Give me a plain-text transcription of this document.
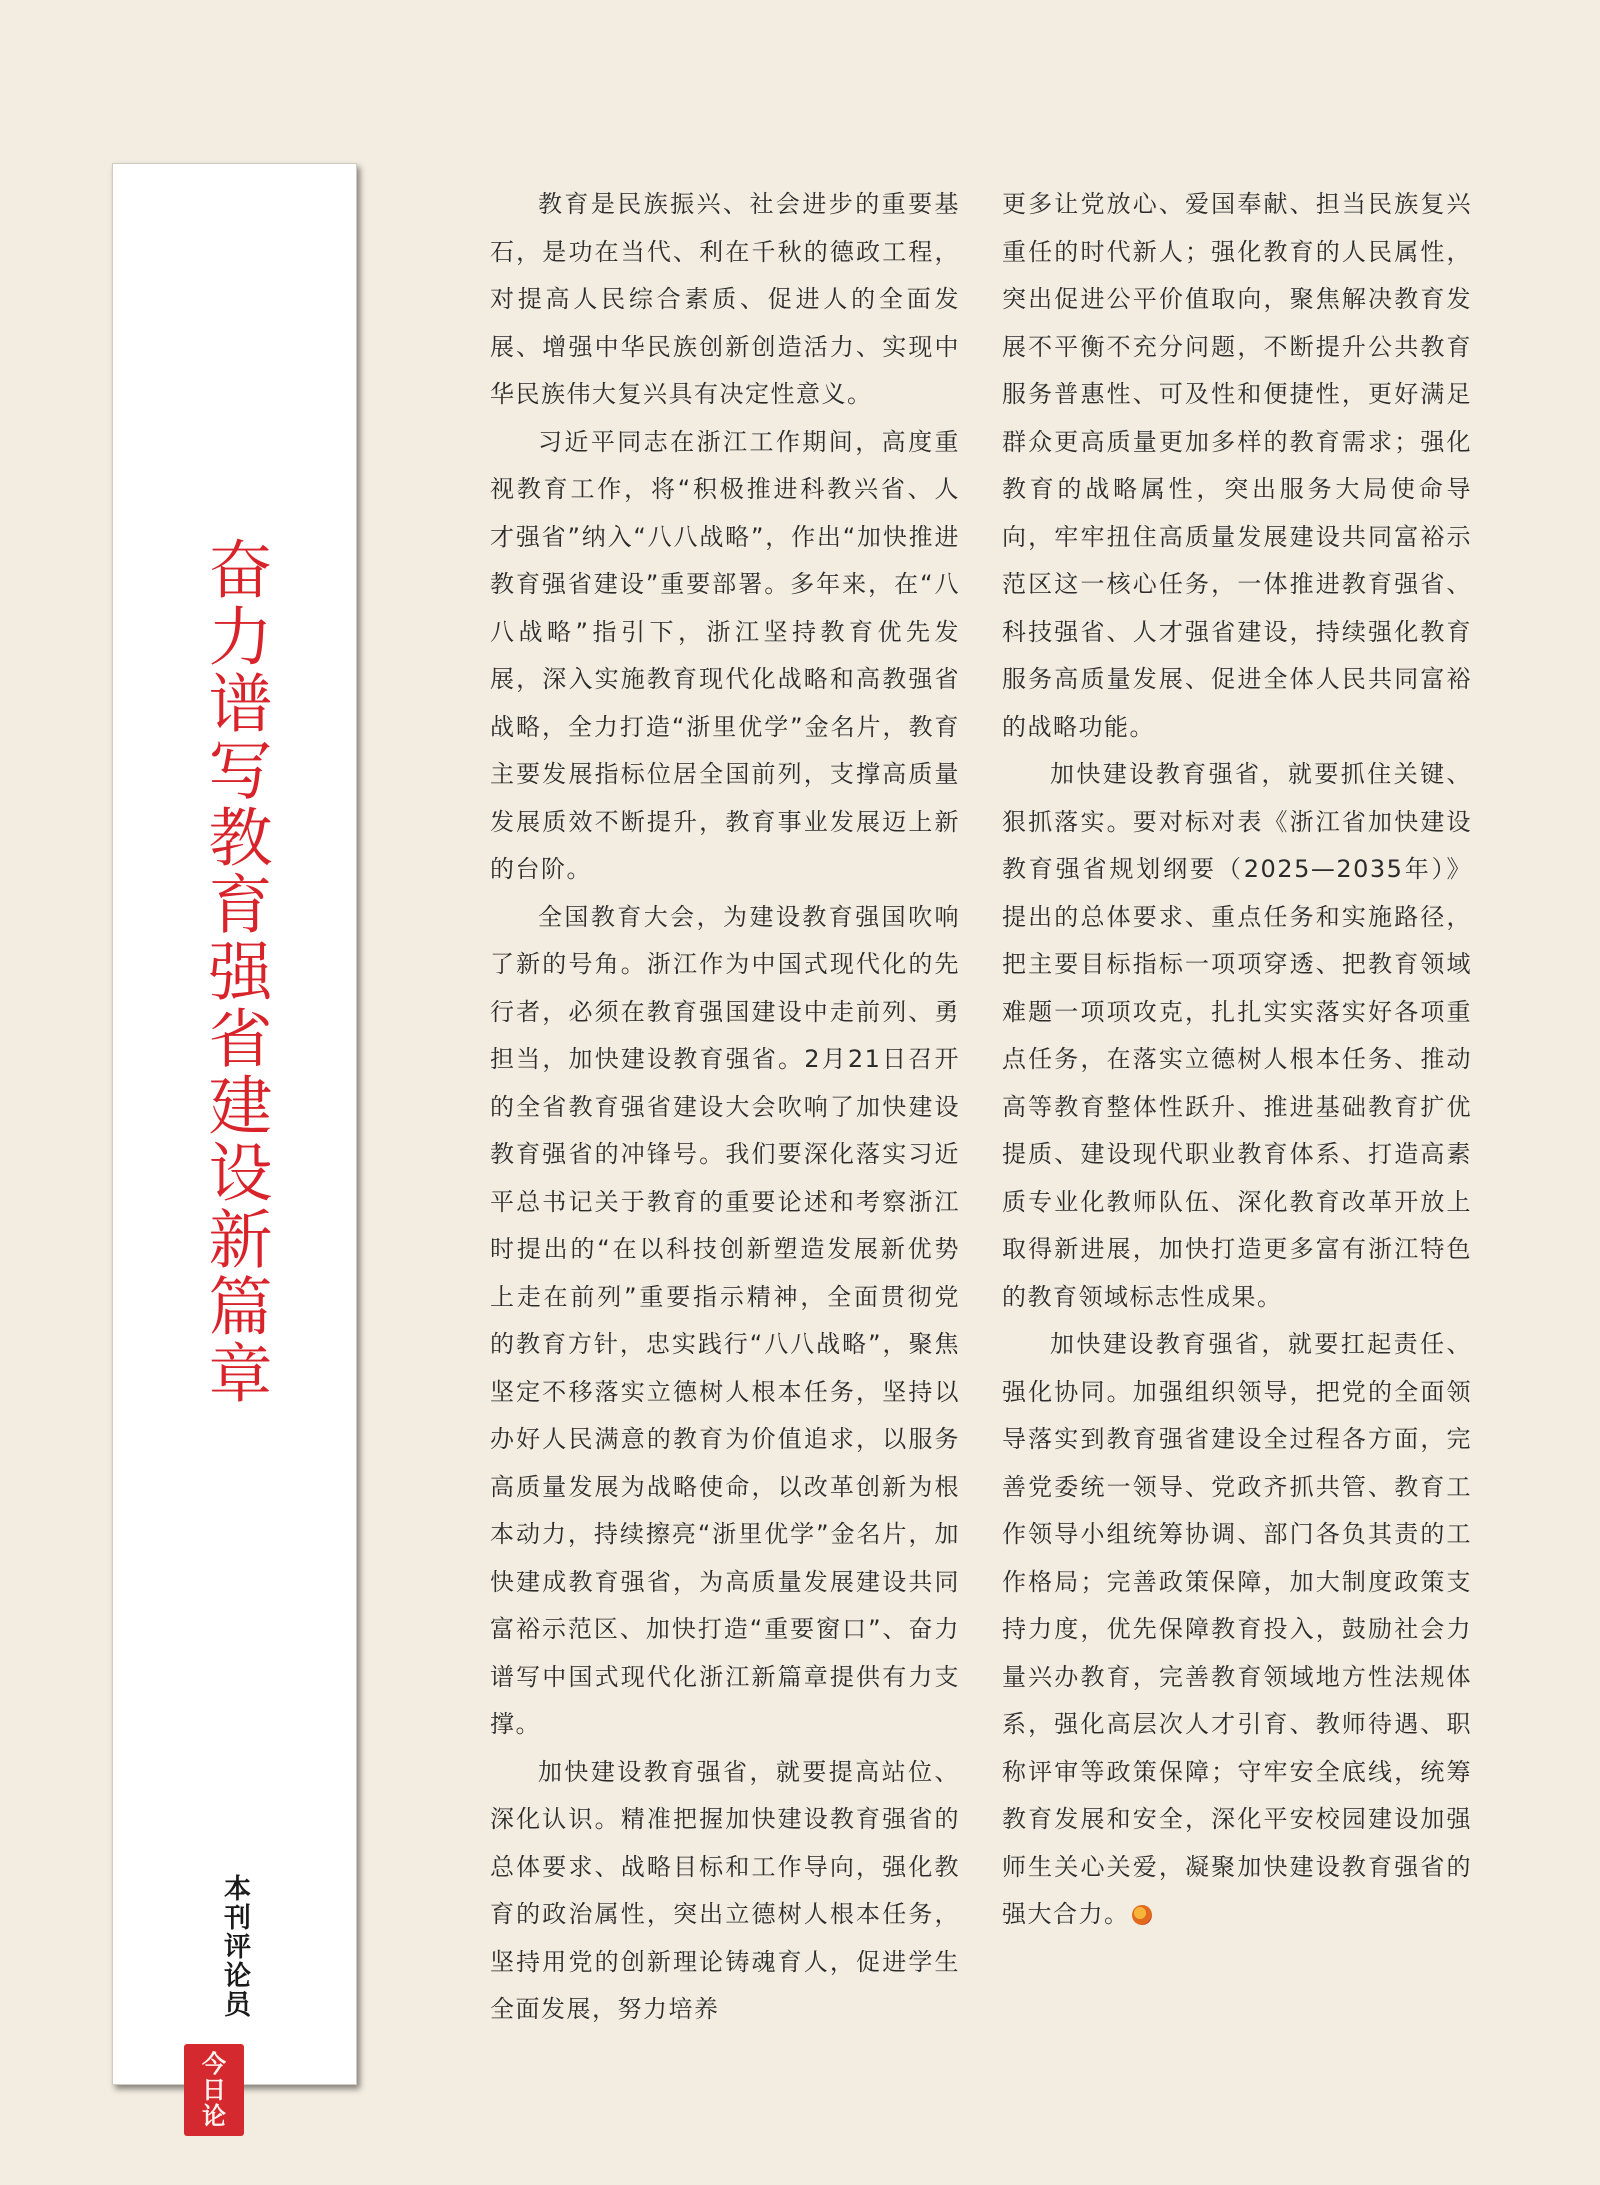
奋力谱写教育强省建设新篇章
本刊评论员
今
日
论

教育是民族振兴、社会进步的重要基石，是功在当代、利在千秋的德政工程，对提高人民综合素质、促进人的全面发展、增强中华民族创新创造活力、实现中华民族伟大复兴具有决定性意义。

习近平同志在浙江工作期间，高度重视教育工作，将“积极推进科教兴省、人才强省”纳入“八八战略”，作出“加快推进教育强省建设”重要部署。多年来，在“八八战略”指引下，浙江坚持教育优先发展，深入实施教育现代化战略和高教强省战略，全力打造“浙里优学”金名片，教育主要发展指标位居全国前列，支撑高质量发展质效不断提升，教育事业发展迈上新的台阶。

全国教育大会，为建设教育强国吹响了新的号角。浙江作为中国式现代化的先行者，必须在教育强国建设中走前列、勇担当，加快建设教育强省。2月21日召开的全省教育强省建设大会吹响了加快建设教育强省的冲锋号。我们要深化落实习近平总书记关于教育的重要论述和考察浙江时提出的“在以科技创新塑造发展新优势上走在前列”重要指示精神，全面贯彻党的教育方针，忠实践行“八八战略”，聚焦坚定不移落实立德树人根本任务，坚持以办好人民满意的教育为价值追求，以服务高质量发展为战略使命，以改革创新为根本动力，持续擦亮“浙里优学”金名片，加快建成教育强省，为高质量发展建设共同富裕示范区、加快打造“重要窗口”、奋力谱写中国式现代化浙江新篇章提供有力支撑。

加快建设教育强省，就要提高站位、深化认识。精准把握加快建设教育强省的总体要求、战略目标和工作导向，强化教育的政治属性，突出立德树人根本任务，坚持用党的创新理论铸魂育人，促进学生全面发展，努力培养

更多让党放心、爱国奉献、担当民族复兴重任的时代新人；强化教育的人民属性，突出促进公平价值取向，聚焦解决教育发展不平衡不充分问题，不断提升公共教育服务普惠性、可及性和便捷性，更好满足群众更高质量更加多样的教育需求；强化教育的战略属性，突出服务大局使命导向，牢牢扭住高质量发展建设共同富裕示范区这一核心任务，一体推进教育强省、科技强省、人才强省建设，持续强化教育服务高质量发展、促进全体人民共同富裕的战略功能。

加快建设教育强省，就要抓住关键、狠抓落实。要对标对表《浙江省加快建设教育强省规划纲要（2025—2035年）》提出的总体要求、重点任务和实施路径，把主要目标指标一项项穿透、把教育领域难题一项项攻克，扎扎实实落实好各项重点任务，在落实立德树人根本任务、推动高等教育整体性跃升、推进基础教育扩优提质、建设现代职业教育体系、打造高素质专业化教师队伍、深化教育改革开放上取得新进展，加快打造更多富有浙江特色的教育领域标志性成果。

加快建设教育强省，就要扛起责任、强化协同。加强组织领导，把党的全面领导落实到教育强省建设全过程各方面，完善党委统一领导、党政齐抓共管、教育工作领导小组统筹协调、部门各负其责的工作格局；完善政策保障，加大制度政策支持力度，优先保障教育投入，鼓励社会力量兴办教育，完善教育领域地方性法规体系，强化高层次人才引育、教师待遇、职称评审等政策保障；守牢安全底线，统筹教育发展和安全，深化平安校园建设加强师生关心关爱，凝聚加快建设教育强省的强大合力。
